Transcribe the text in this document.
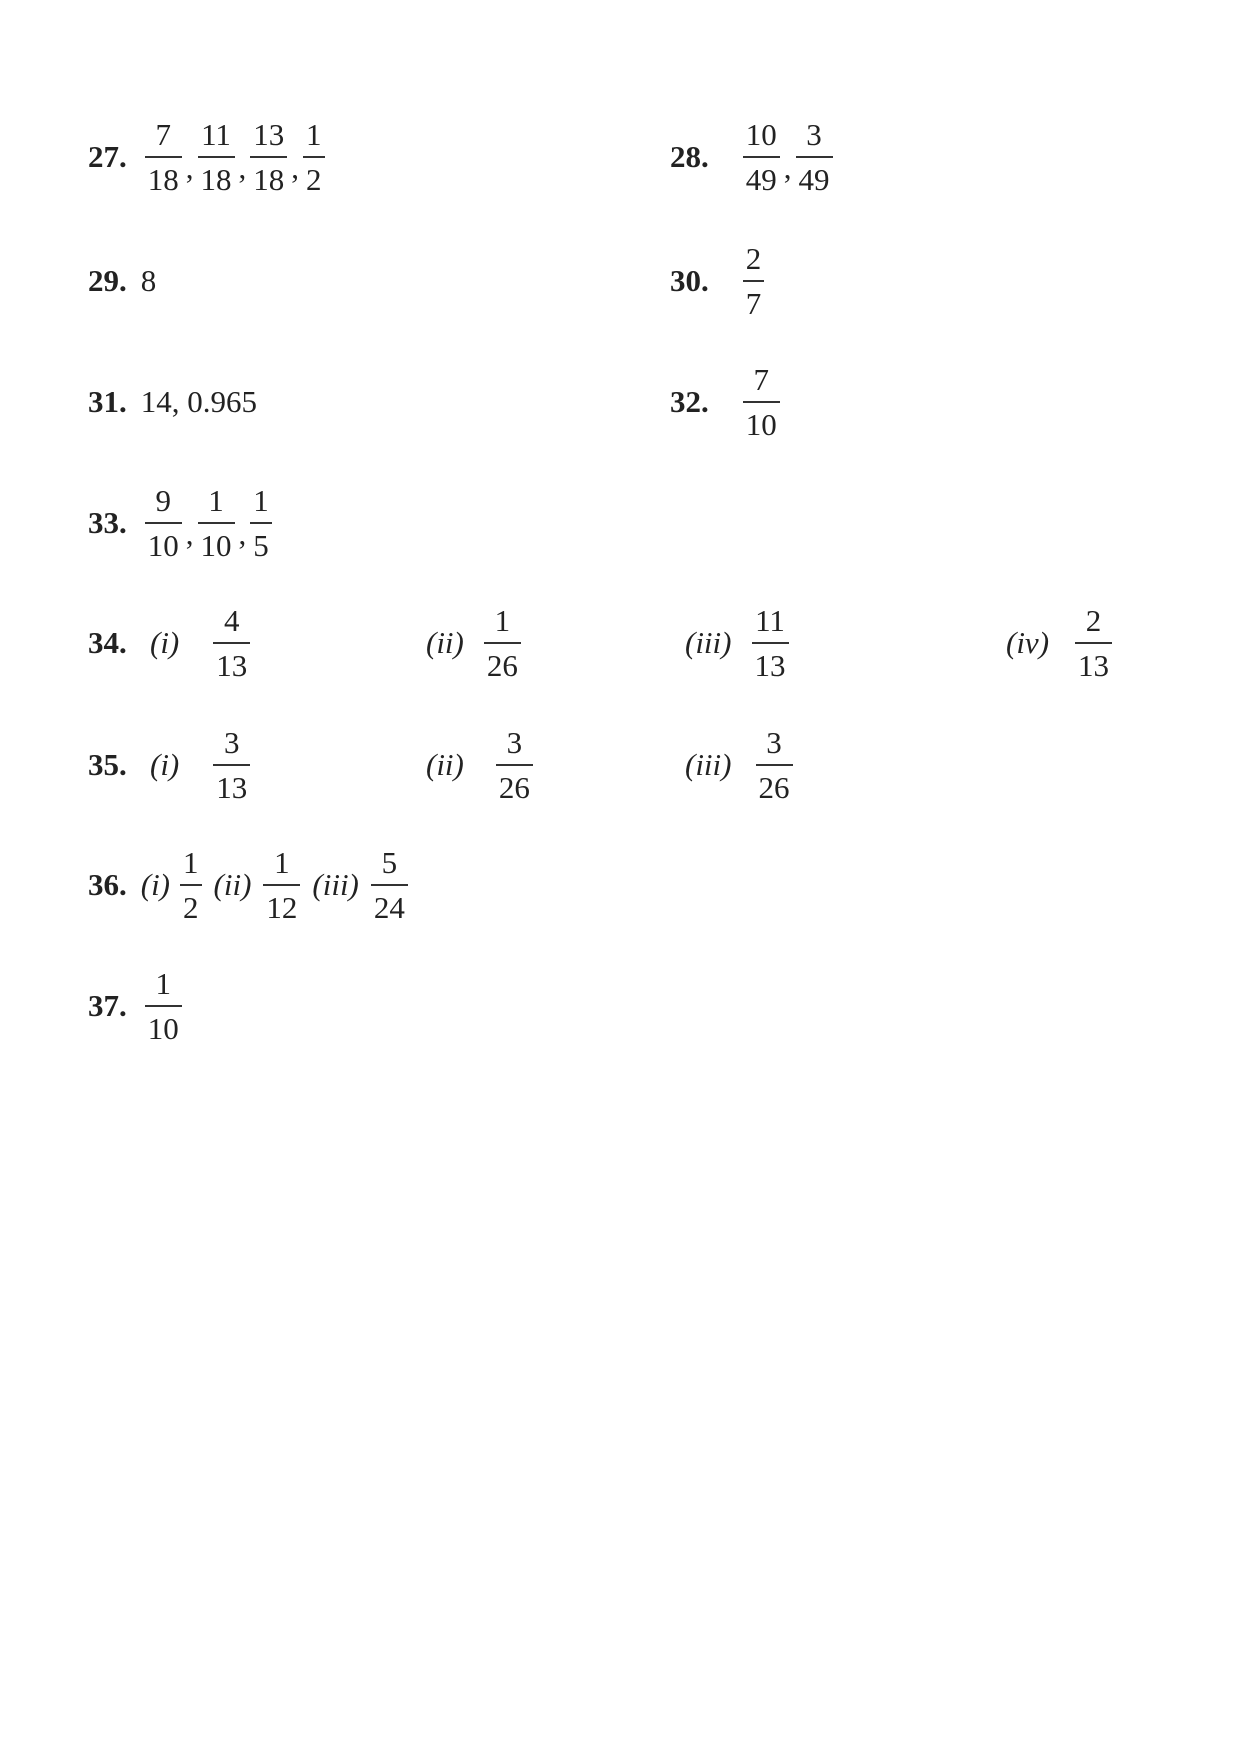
27. $\frac{7}{18}$ , $\frac{11}{18}$ , $\frac{13}{18}$ , $\frac{1}{2}$	28. $\frac{10}{49}$ , $\frac{3}{49}$
29. 8	30. $\frac{2}{7}$
31. 14, 0.965	32. $\frac{7}{10}$
33. $\frac{9}{10}$ , $\frac{1}{10}$ , $\frac{1}{5}$
34. $(i) \frac{4}{13}$	$(ii) \frac{1}{26}$	$(iii) \frac{11}{13}$	$(iv) \frac{2}{13}$
35. $(i) \frac{3}{13}$	$(ii) \frac{3}{26}$	$(iii) \frac{3}{26}$
36. $(i) \frac{1}{2} (ii) \frac{1}{12} (iii) \frac{5}{24}$
37. $\frac{1}{10}$
